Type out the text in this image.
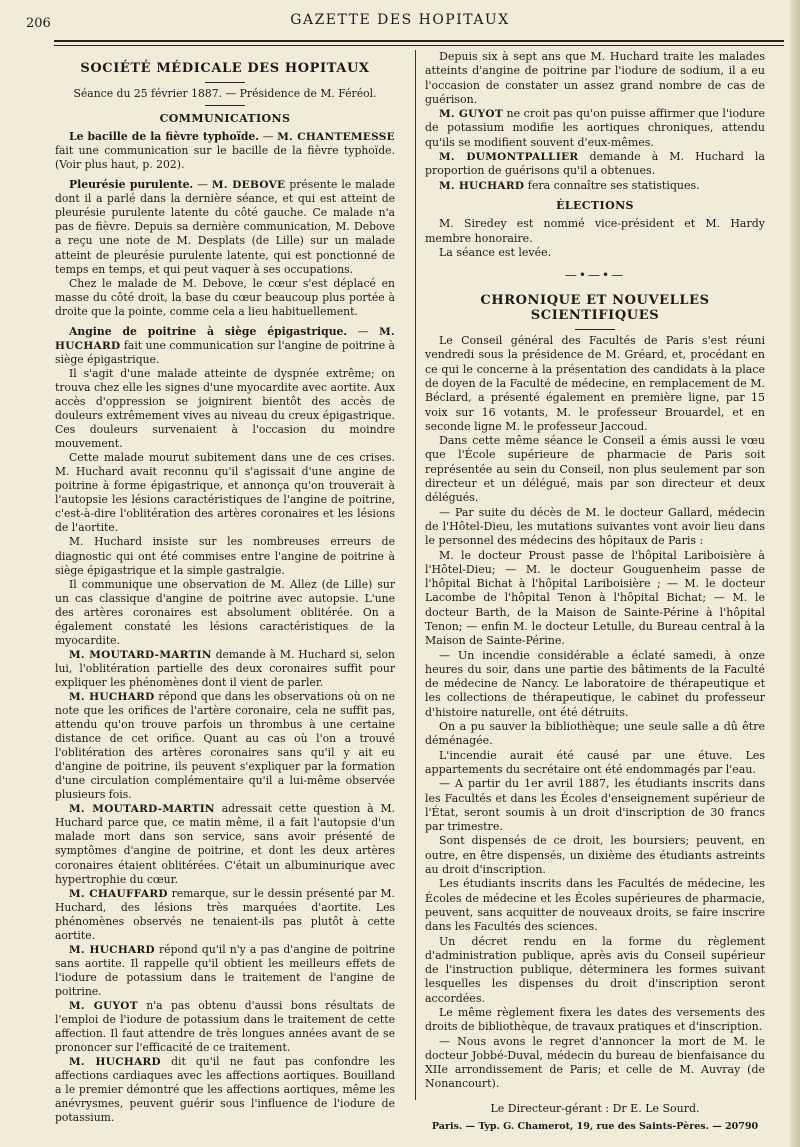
206	GAZETTE DES HOPITAUX
SOCIÉTÉ MÉDICALE DES HOPITAUX

Séance du 25 février 1887. — Présidence de M. Féréol.

COMMUNICATIONS

Le bacille de la fièvre typhoïde. — M. CHANTEMESSE fait une communication sur le bacille de la fièvre typhoïde. (Voir plus haut, p. 202).

Pleurésie purulente. — M. DEBOVE présente le malade dont il a parlé dans la dernière séance, et qui est atteint de pleurésie purulente latente du côté gauche. Ce malade n'a pas de fièvre. Depuis sa dernière communication, M. Debove a reçu une note de M. Desplats (de Lille) sur un malade atteint de pleurésie purulente latente, qui est ponctionné de temps en temps, et qui peut vaquer à ses occupations.

Chez le malade de M. Debove, le cœur s'est déplacé en masse du côté droit, la base du cœur beaucoup plus portée à droite que la pointe, comme cela a lieu habituellement.

Angine de poitrine à siège épigastrique. — M. HUCHARD fait une communication sur l'angine de poitrine à siège épigastrique.

Il s'agit d'une malade atteinte de dyspnée extrême; on trouva chez elle les signes d'une myocardite avec aortite. Aux accès d'oppression se joignirent bientôt des accès de douleurs extrêmement vives au niveau du creux épigastrique. Ces douleurs survenaient à l'occasion du moindre mouvement.

Cette malade mourut subitement dans une de ces crises. M. Huchard avait reconnu qu'il s'agissait d'une angine de poitrine à forme épigastrique, et annonça qu'on trouverait à l'autopsie les lésions caractéristiques de l'angine de poitrine, c'est-à-dire l'oblitération des artères coronaires et les lésions de l'aortite.

M. Huchard insiste sur les nombreuses erreurs de diagnostic qui ont été commises entre l'angine de poitrine à siège épigastrique et la simple gastralgie.

Il communique une observation de M. Allez (de Lille) sur un cas classique d'angine de poitrine avec autopsie. L'une des artères coronaires est absolument oblitérée. On a également constaté les lésions caractéristiques de la myocardite.

M. MOUTARD-MARTIN demande à M. Huchard si, selon lui, l'oblitération partielle des deux coronaires suffit pour expliquer les phénomènes dont il vient de parler.

M. HUCHARD répond que dans les observations où on ne note que les orifices de l'artère coronaire, cela ne suffit pas, attendu qu'on trouve parfois un thrombus à une certaine distance de cet orifice. Quant au cas où l'on a trouvé l'oblitération des artères coronaires sans qu'il y ait eu d'angine de poitrine, ils peuvent s'expliquer par la formation d'une circulation complémentaire qu'il a lui-même observée plusieurs fois.

M. MOUTARD-MARTIN adressait cette question à M. Huchard parce que, ce matin même, il a fait l'autopsie d'un malade mort dans son service, sans avoir présenté de symptômes d'angine de poitrine, et dont les deux artères coronaires étaient oblitérées. C'était un albuminurique avec hypertrophie du cœur.

M. CHAUFFARD remarque, sur le dessin présenté par M. Huchard, des lésions très marquées d'aortite. Les phénomènes observés ne tenaient-ils pas plutôt à cette aortite.

M. HUCHARD répond qu'il n'y a pas d'angine de poitrine sans aortite. Il rappelle qu'il obtient les meilleurs effets de l'iodure de potassium dans le traitement de l'angine de poitrine.

M. GUYOT n'a pas obtenu d'aussi bons résultats de l'emploi de l'iodure de potassium dans le traitement de cette affection. Il faut attendre de très longues années avant de se prononcer sur l'efficacité de ce traitement.

M. HUCHARD dit qu'il ne faut pas confondre les affections cardiaques avec les affections aortiques. Bouilland a le premier démontré que les affections aortiques, même les anévrysmes, peuvent guérir sous l'influence de l'iodure de potassium.

Depuis six à sept ans que M. Huchard traite les malades atteints d'angine de poitrine par l'iodure de sodium, il a eu l'occasion de constater un assez grand nombre de cas de guérison.

M. GUYOT ne croit pas qu'on puisse affirmer que l'iodure de potassium modifie les aortiques chroniques, attendu qu'ils se modifient souvent d'eux-mêmes.

M. DUMONTPALLIER demande à M. Huchard la proportion de guérisons qu'il a obtenues.

M. HUCHARD fera connaître ses statistiques.

ÉLECTIONS

M. Siredey est nommé vice-président et M. Hardy membre honoraire.

La séance est levée.

—•—•—
CHRONIQUE ET NOUVELLES SCIENTIFIQUES

Le Conseil général des Facultés de Paris s'est réuni vendredi sous la présidence de M. Gréard, et, procédant en ce qui le concerne à la présentation des candidats à la place de doyen de la Faculté de médecine, en remplacement de M. Béclard, a présenté également en première ligne, par 15 voix sur 16 votants, M. le professeur Brouardel, et en seconde ligne M. le professeur Jaccoud.

Dans cette même séance le Conseil a émis aussi le vœu que l'École supérieure de pharmacie de Paris soit représentée au sein du Conseil, non plus seulement par son directeur et un délégué, mais par son directeur et deux délégués.

— Par suite du décès de M. le docteur Gallard, médecin de l'Hôtel-Dieu, les mutations suivantes vont avoir lieu dans le personnel des médecins des hôpitaux de Paris :

M. le docteur Proust passe de l'hôpital Lariboisière à l'Hôtel-Dieu; — M. le docteur Gouguenheim passe de l'hôpital Bichat à l'hôpital Lariboisière ; — M. le docteur Lacombe de l'hôpital Tenon à l'hôpital Bichat; — M. le docteur Barth, de la Maison de Sainte-Périne à l'hôpital Tenon; — enfin M. le docteur Letulle, du Bureau central à la Maison de Sainte-Périne.

— Un incendie considérable a éclaté samedi, à onze heures du soir, dans une partie des bâtiments de la Faculté de médecine de Nancy. Le laboratoire de thérapeutique et les collections de thérapeutique, le cabinet du professeur d'histoire naturelle, ont été détruits.

On a pu sauver la bibliothèque; une seule salle a dû être déménagée.

L'incendie aurait été causé par une étuve. Les appartements du secrétaire ont été endommagés par l'eau.

— A partir du 1er avril 1887, les étudiants inscrits dans les Facultés et dans les Écoles d'enseignement supérieur de l'État, seront soumis à un droit d'inscription de 30 francs par trimestre.

Sont dispensés de ce droit, les boursiers; peuvent, en outre, en être dispensés, un dixième des étudiants astreints au droit d'inscription.

Les étudiants inscrits dans les Facultés de médecine, les Écoles de médecine et les Écoles supérieures de pharmacie, peuvent, sans acquitter de nouveaux droits, se faire inscrire dans les Facultés des sciences.

Un décret rendu en la forme du règlement d'administration publique, après avis du Conseil supérieur de l'instruction publique, déterminera les formes suivant lesquelles les dispenses du droit d'inscription seront accordées.

Le même règlement fixera les dates des versements des droits de bibliothèque, de travaux pratiques et d'inscription.

— Nous avons le regret d'annoncer la mort de M. le docteur Jobbé-Duval, médecin du bureau de bienfaisance du XIIe arrondissement de Paris; et celle de M. Auvray (de Nonancourt).

Le Directeur-gérant : Dr E. Le Sourd.
Paris. — Typ. G. Chamerot, 19, rue des Saints-Pères. — 20790
